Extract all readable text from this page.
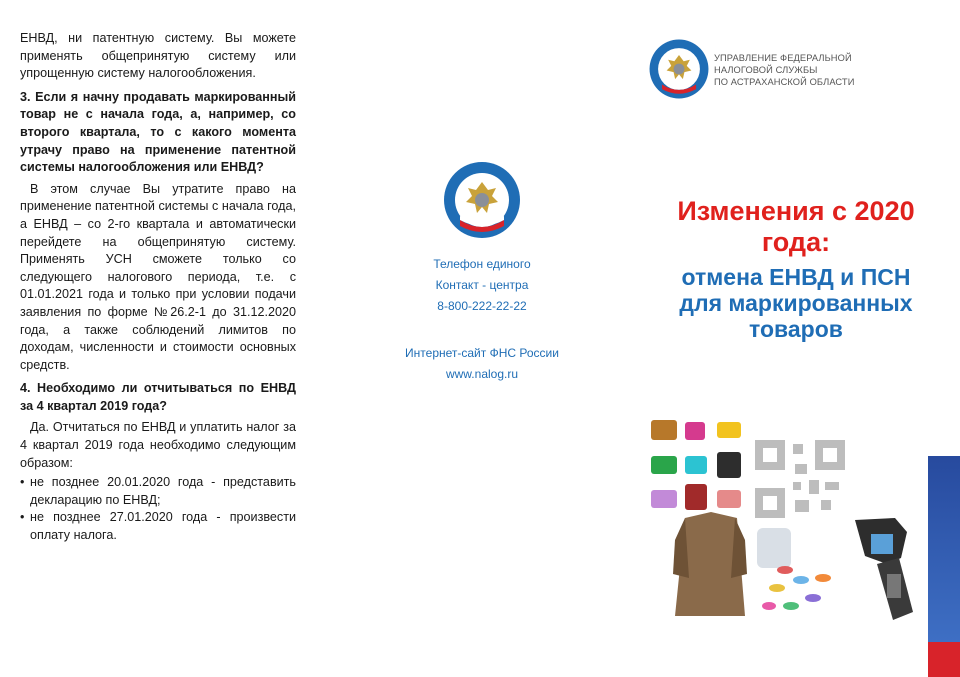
ЕНВД, ни патентную систему. Вы можете применять общепринятую систему или упрощенную систему налогообложения.

3. Если я начну продавать маркированный товар не с начала года, а, например, со второго квартала, то с какого момента утрачу право на применение патентной системы налогообложения или ЕНВД?

В этом случае Вы утратите право на применение патентной системы с начала года, а ЕНВД – со 2-го квартала и автоматически перейдете на общепринятую систему. Применять УСН сможете только со следующего налогового периода, т.е. с 01.01.2021 года и только при условии подачи заявления по форме №26.2-1 до 31.12.2020 года, а также соблюдений лимитов по доходам, численности и стоимости основных средств.

4. Необходимо ли отчитываться по ЕНВД за 4 квартал 2019 года?

Да. Отчитаться по ЕНВД и уплатить налог за 4 квартал 2019 года необходимо следующим образом:

• не позднее 20.01.2020 года - представить декларацию по ЕНВД;
• не позднее 27.01.2020 года - произвести оплату налога.
Телефон единого
Контакт - центра
8-800-222-22-22
Интернет-сайт ФНС России
www.nalog.ru
УПРАВЛЕНИЕ ФЕДЕРАЛЬНОЙ
НАЛОГОВОЙ СЛУЖБЫ
ПО АСТРАХАНСКОЙ ОБЛАСТИ
Изменения с 2020
года:
отмена ЕНВД и ПСН
для маркированных
товаров
